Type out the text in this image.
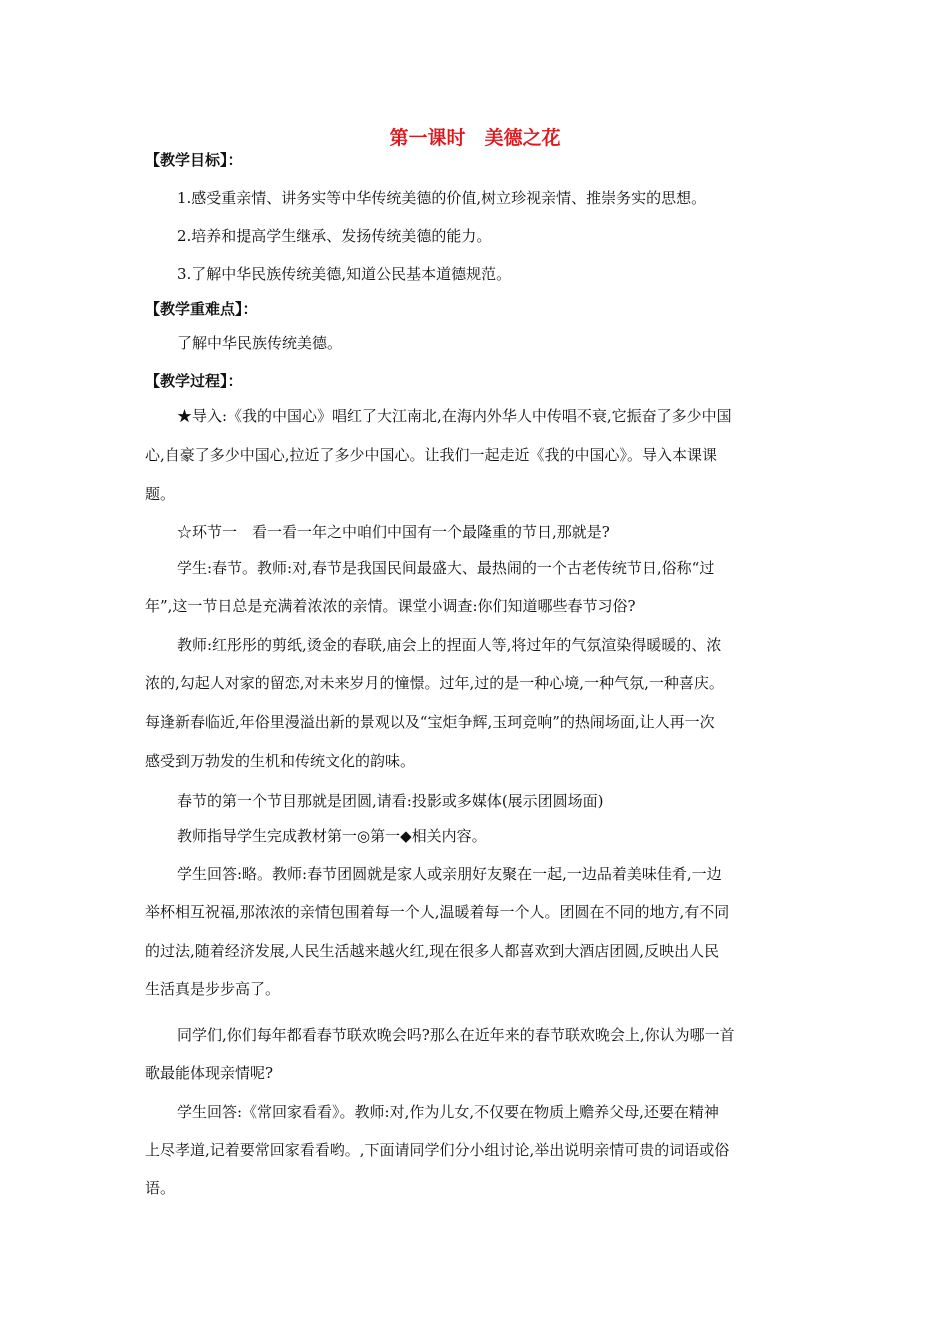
第一课时　美德之花
【教学目标】：
1.感受重亲情、讲务实等中华传统美德的价值,树立珍视亲情、推崇务实的思想。
2.培养和提高学生继承、发扬传统美德的能力。
3.了解中华民族传统美德,知道公民基本道德规范。
【教学重难点】：
了解中华民族传统美德。
【教学过程】：
★导入:《我的中国心》唱红了大江南北,在海内外华人中传唱不衰,它振奋了多少中国
心,自豪了多少中国心,拉近了多少中国心。让我们一起走近《我的中国心》。导入本课课
题。
☆环节一　看一看一年之中咱们中国有一个最隆重的节日,那就是?
学生:春节。教师:对,春节是我国民间最盛大、最热闹的一个古老传统节日,俗称“过
年”,这一节日总是充满着浓浓的亲情。课堂小调查:你们知道哪些春节习俗?
教师:红彤彤的剪纸,烫金的春联,庙会上的捏面人等,将过年的气氛渲染得暖暖的、浓
浓的,勾起人对家的留恋,对未来岁月的憧憬。过年,过的是一种心境,一种气氛,一种喜庆。
每逢新春临近,年俗里漫溢出新的景观以及“宝炬争辉,玉珂竞响”的热闹场面,让人再一次
感受到万勃发的生机和传统文化的韵味。
春节的第一个节目那就是团圆,请看:投影或多媒体(展示团圆场面)
教师指导学生完成教材第一◎第一◆相关内容。
学生回答:略。教师:春节团圆就是家人或亲朋好友聚在一起,一边品着美味佳肴,一边
举杯相互祝福,那浓浓的亲情包围着每一个人,温暖着每一个人。团圆在不同的地方,有不同
的过法,随着经济发展,人民生活越来越火红,现在很多人都喜欢到大酒店团圆,反映出人民
生活真是步步高了。
同学们,你们每年都看春节联欢晚会吗?那么在近年来的春节联欢晚会上,你认为哪一首
歌最能体现亲情呢?
学生回答:《常回家看看》。教师:对,作为儿女,不仅要在物质上赡养父母,还要在精神
上尽孝道,记着要常回家看看哟。,下面请同学们分小组讨论,举出说明亲情可贵的词语或俗
语。
